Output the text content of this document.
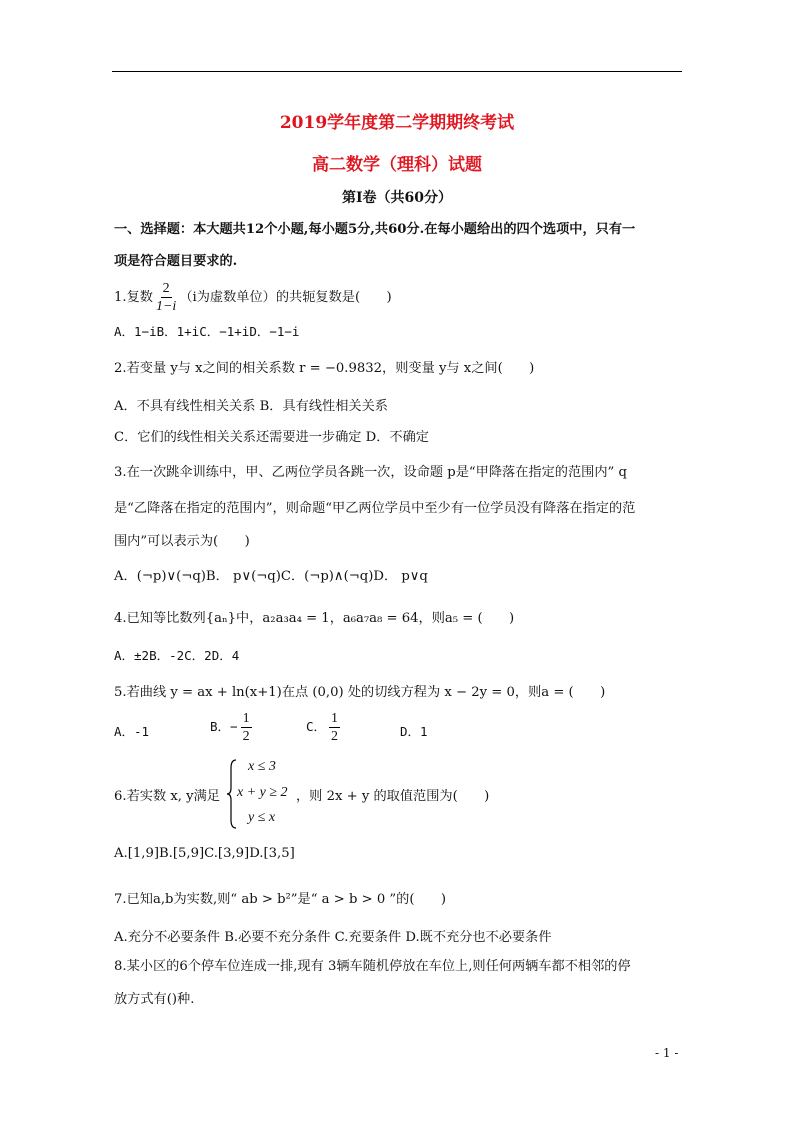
2019学年度第二学期期终考试
高二数学（理科）试题
第Ⅰ卷（共60分）
一、选择题：本大题共12个小题,每小题5分,共60分.在每小题给出的四个选项中，只有一
项是符合题目要求的.
1.复数 $\frac{2}{1-i} (i$为虚数单位）的共轭复数是(　　)
A．1−iB．1+iC．−1+iD．−1−i
2.若变量 y与 x之间的相关系数 r = −0.9832，则变量 y与 x之间(　　)
A．不具有线性相关关系 B．具有线性相关关系
C．它们的线性相关关系还需要进一步确定 D．不确定
3.在一次跳伞训练中，甲、乙两位学员各跳一次，设命题 p是“甲降落在指定的范围内” q
是“乙降落在指定的范围内”，则命题“甲乙两位学员中至少有一位学员没有降落在指定的范
围内”可以表示为(　　)
A．(¬p)∨(¬q)B． p∨(¬q)C．(¬p)∧(¬q)D． p∨q
4.已知等比数列{aₙ}中，a₂a₃a₄ = 1，a₆a₇a₈ = 64，则a₅ = (　　)
A．±2B．-2C．2D．4
5.若曲线 y = ax + ln(x+1)在点 (0,0) 处的切线方程为 x − 2y = 0，则a = (　　)
A．-1	B．− $\frac{1}{2}$	C． $\frac{1}{2}$	D．1
6.若实数 x, y满足
x ≤ 3
x + y ≥ 2
y ≤ x
，则 2x + y 的取值范围为(　　)
A.[1,9]B.[5,9]C.[3,9]D.[3,5]
7.已知a,b为实数,则“ ab > b²”是“ a > b > 0 ”的(　　)
A.充分不必要条件 B.必要不充分条件 C.充要条件 D.既不充分也不必要条件
8.某小区的6个停车位连成一排,现有 3辆车随机停放在车位上,则任何两辆车都不相邻的停
放方式有()种.
- 1 -
